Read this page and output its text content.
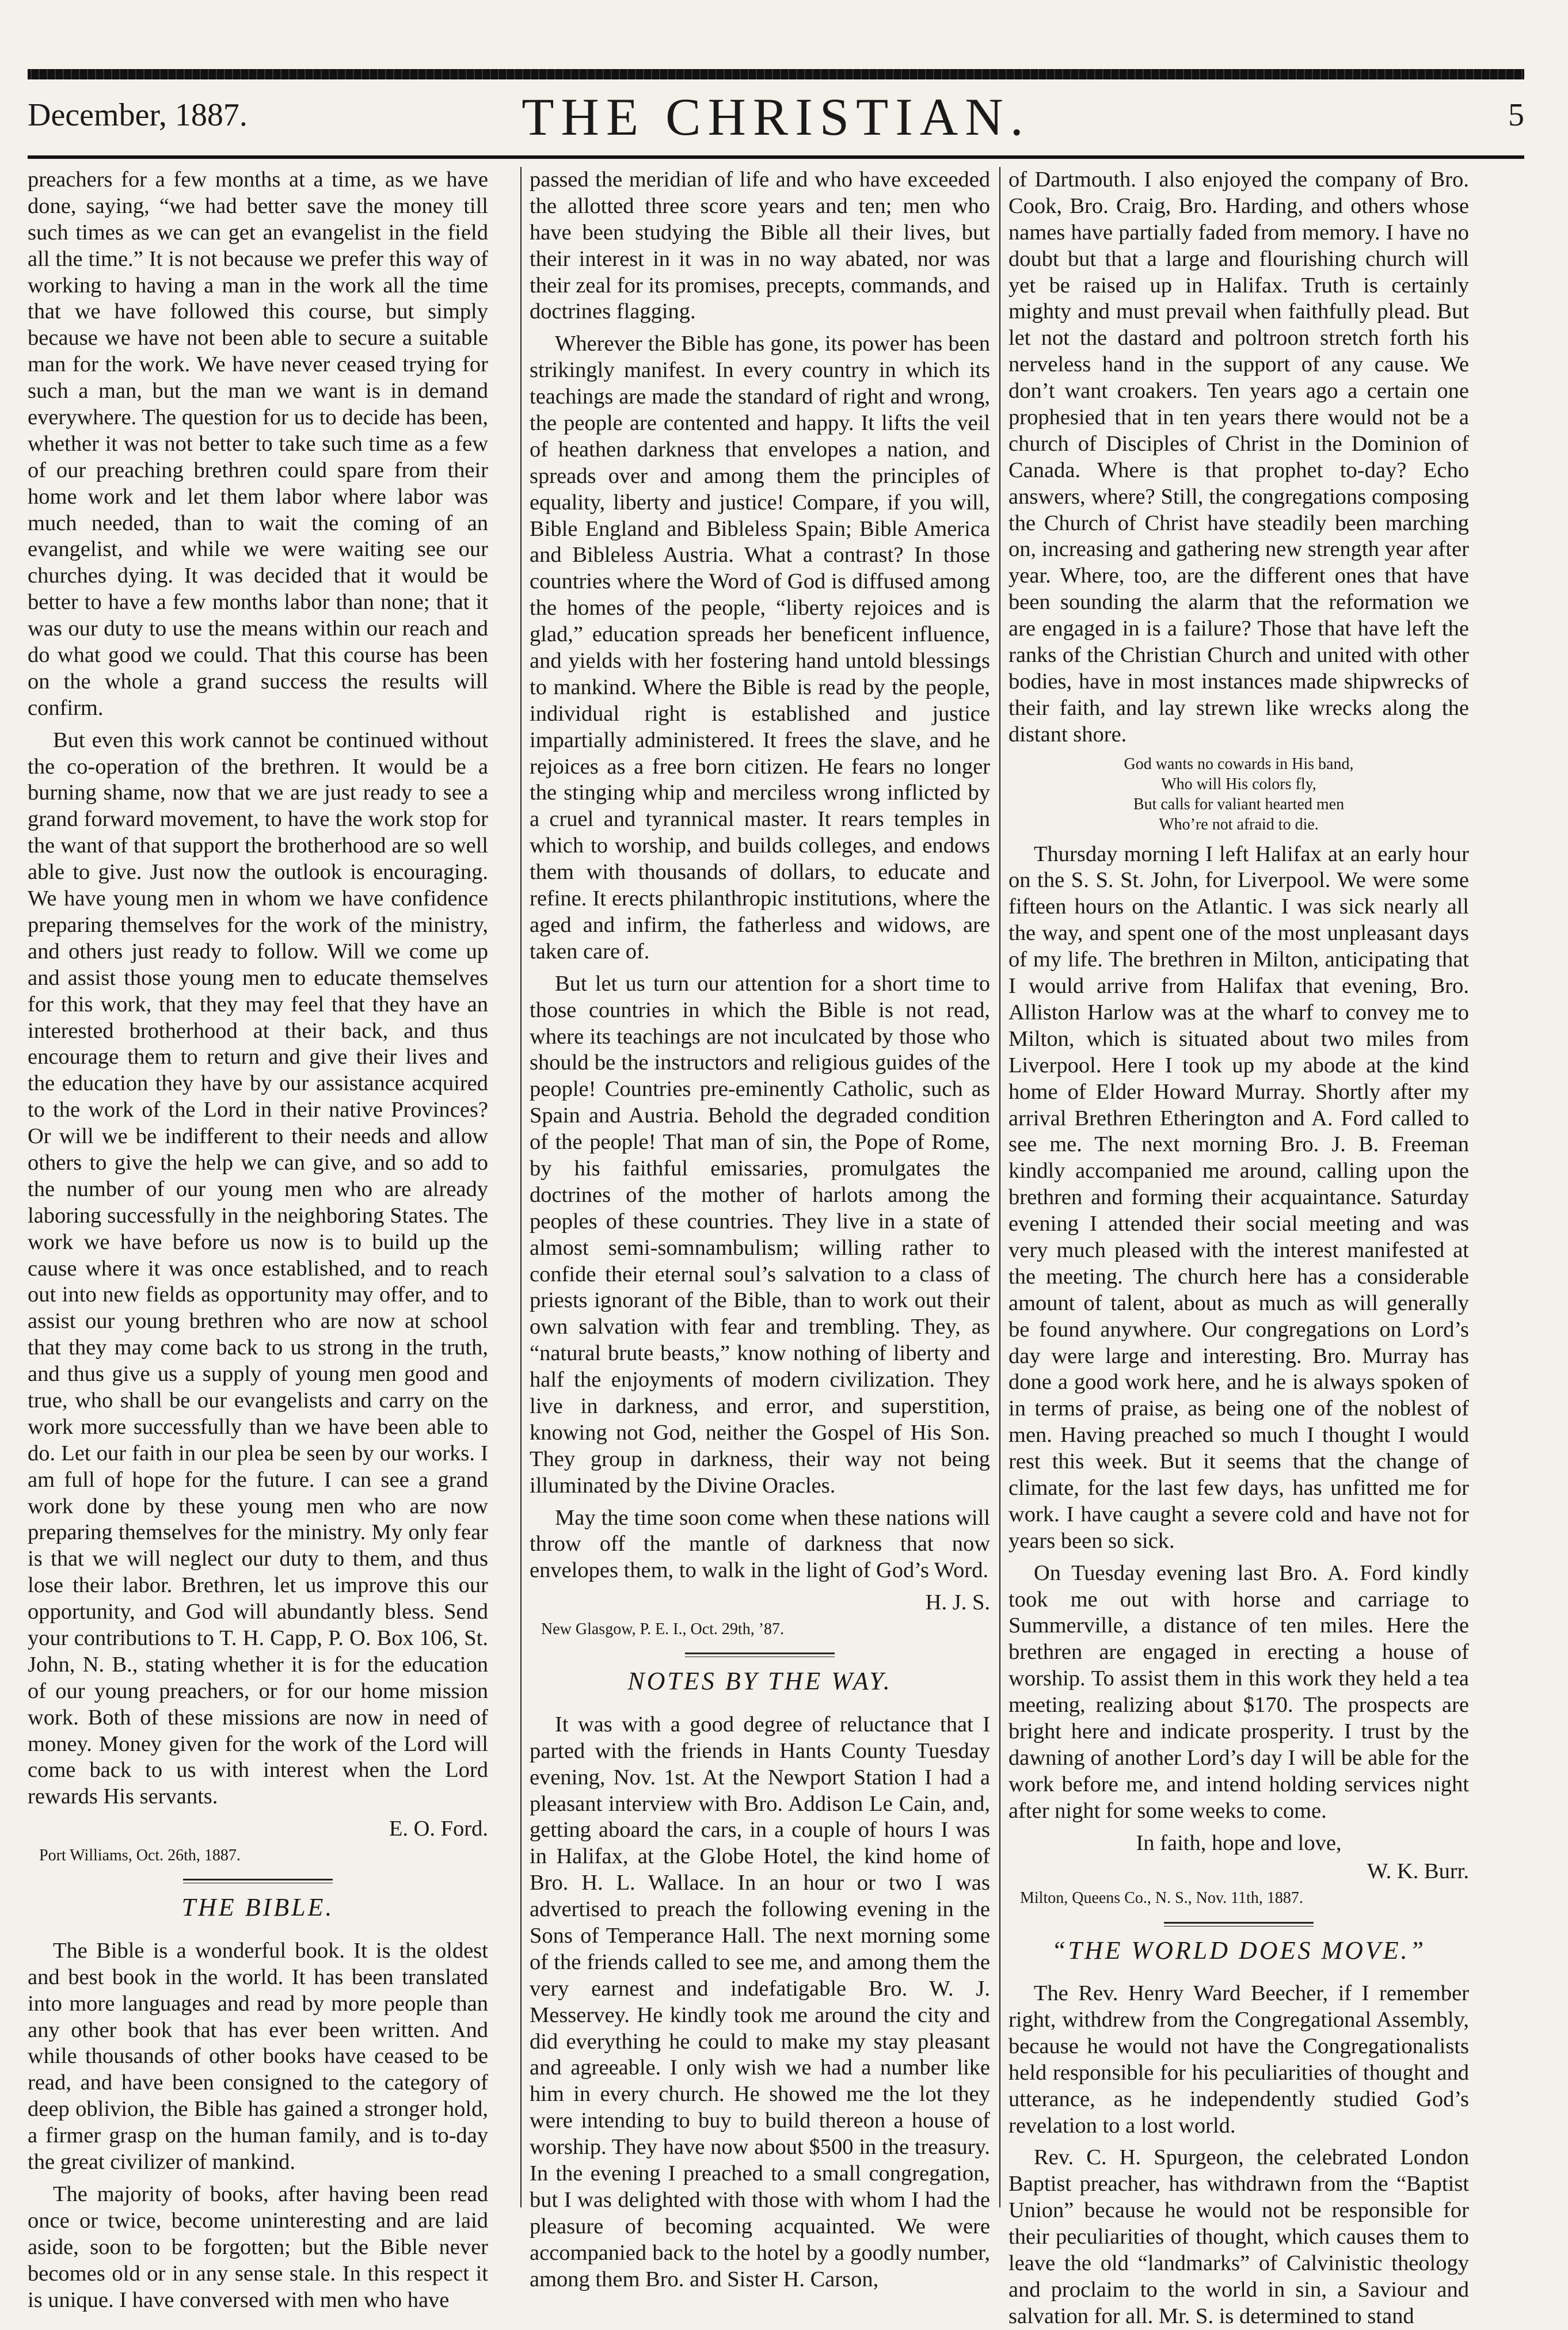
December, 1887.	THE CHRISTIAN.	5

preachers for a few months at a time, as we have done, saying, “we had better save the money till such times as we can get an evangelist in the field all the time.” It is not because we prefer this way of working to having a man in the work all the time that we have followed this course, but simply because we have not been able to secure a suitable man for the work. We have never ceased trying for such a man, but the man we want is in demand everywhere. The question for us to decide has been, whether it was not better to take such time as a few of our preaching brethren could spare from their home work and let them labor where labor was much needed, than to wait the coming of an evangelist, and while we were waiting see our churches dying. It was decided that it would be better to have a few months labor than none; that it was our duty to use the means within our reach and do what good we could. That this course has been on the whole a grand success the results will confirm.

But even this work cannot be continued without the co-operation of the brethren. It would be a burning shame, now that we are just ready to see a grand forward movement, to have the work stop for the want of that support the brotherhood are so well able to give. Just now the outlook is encouraging. We have young men in whom we have confidence preparing themselves for the work of the ministry, and others just ready to follow. Will we come up and assist those young men to educate themselves for this work, that they may feel that they have an interested brotherhood at their back, and thus encourage them to return and give their lives and the education they have by our assistance acquired to the work of the Lord in their native Provinces? Or will we be indifferent to their needs and allow others to give the help we can give, and so add to the number of our young men who are already laboring successfully in the neighboring States. The work we have before us now is to build up the cause where it was once established, and to reach out into new fields as opportunity may offer, and to assist our young brethren who are now at school that they may come back to us strong in the truth, and thus give us a supply of young men good and true, who shall be our evangelists and carry on the work more successfully than we have been able to do. Let our faith in our plea be seen by our works. I am full of hope for the future. I can see a grand work done by these young men who are now preparing themselves for the ministry. My only fear is that we will neglect our duty to them, and thus lose their labor. Brethren, let us improve this our opportunity, and God will abundantly bless. Send your contributions to T. H. Capp, P. O. Box 106, St. John, N. B., stating whether it is for the education of our young preachers, or for our home mission work. Both of these missions are now in need of money. Money given for the work of the Lord will come back to us with interest when the Lord rewards His servants.

E. O. Ford.
Port Williams, Oct. 26th, 1887.
THE BIBLE.

The Bible is a wonderful book. It is the oldest and best book in the world. It has been translated into more languages and read by more people than any other book that has ever been written. And while thousands of other books have ceased to be read, and have been consigned to the category of deep oblivion, the Bible has gained a stronger hold, a firmer grasp on the human family, and is to-day the great civilizer of mankind.

The majority of books, after having been read once or twice, become uninteresting and are laid aside, soon to be forgotten; but the Bible never becomes old or in any sense stale. In this respect it is unique. I have conversed with men who have

passed the meridian of life and who have exceeded the allotted three score years and ten; men who have been studying the Bible all their lives, but their interest in it was in no way abated, nor was their zeal for its promises, precepts, commands, and doctrines flagging.

Wherever the Bible has gone, its power has been strikingly manifest. In every country in which its teachings are made the standard of right and wrong, the people are contented and happy. It lifts the veil of heathen darkness that envelopes a nation, and spreads over and among them the principles of equality, liberty and justice! Compare, if you will, Bible England and Bibleless Spain; Bible America and Bibleless Austria. What a contrast? In those countries where the Word of God is diffused among the homes of the people, “liberty rejoices and is glad,” education spreads her beneficent influence, and yields with her fostering hand untold blessings to mankind. Where the Bible is read by the people, individual right is established and justice impartially administered. It frees the slave, and he rejoices as a free born citizen. He fears no longer the stinging whip and merciless wrong inflicted by a cruel and tyrannical master. It rears temples in which to worship, and builds colleges, and endows them with thousands of dollars, to educate and refine. It erects philanthropic institutions, where the aged and infirm, the fatherless and widows, are taken care of.

But let us turn our attention for a short time to those countries in which the Bible is not read, where its teachings are not inculcated by those who should be the instructors and religious guides of the people! Countries pre-eminently Catholic, such as Spain and Austria. Behold the degraded condition of the people! That man of sin, the Pope of Rome, by his faithful emissaries, promulgates the doctrines of the mother of harlots among the peoples of these countries. They live in a state of almost semi-somnambulism; willing rather to confide their eternal soul’s salvation to a class of priests ignorant of the Bible, than to work out their own salvation with fear and trembling. They, as “natural brute beasts,” know nothing of liberty and half the enjoyments of modern civilization. They live in darkness, and error, and superstition, knowing not God, neither the Gospel of His Son. They group in darkness, their way not being illuminated by the Divine Oracles.

May the time soon come when these nations will throw off the mantle of darkness that now envelopes them, to walk in the light of God’s Word.

H. J. S.
New Glasgow, P. E. I., Oct. 29th, ’87.
NOTES BY THE WAY.

It was with a good degree of reluctance that I parted with the friends in Hants County Tuesday evening, Nov. 1st. At the Newport Station I had a pleasant interview with Bro. Addison Le Cain, and, getting aboard the cars, in a couple of hours I was in Halifax, at the Globe Hotel, the kind home of Bro. H. L. Wallace. In an hour or two I was advertised to preach the following evening in the Sons of Temperance Hall. The next morning some of the friends called to see me, and among them the very earnest and indefatigable Bro. W. J. Messervey. He kindly took me around the city and did everything he could to make my stay pleasant and agreeable. I only wish we had a number like him in every church. He showed me the lot they were intending to buy to build thereon a house of worship. They have now about $500 in the treasury. In the evening I preached to a small congregation, but I was delighted with those with whom I had the pleasure of becoming acquainted. We were accompanied back to the hotel by a goodly number, among them Bro. and Sister H. Carson,

of Dartmouth. I also enjoyed the company of Bro. Cook, Bro. Craig, Bro. Harding, and others whose names have partially faded from memory. I have no doubt but that a large and flourishing church will yet be raised up in Halifax. Truth is certainly mighty and must prevail when faithfully plead. But let not the dastard and poltroon stretch forth his nerveless hand in the support of any cause. We don’t want croakers. Ten years ago a certain one prophesied that in ten years there would not be a church of Disciples of Christ in the Dominion of Canada. Where is that prophet to-day? Echo answers, where? Still, the congregations composing the Church of Christ have steadily been marching on, increasing and gathering new strength year after year. Where, too, are the different ones that have been sounding the alarm that the reformation we are engaged in is a failure? Those that have left the ranks of the Christian Church and united with other bodies, have in most instances made shipwrecks of their faith, and lay strewn like wrecks along the distant shore.

God wants no cowards in His band,
Who will His colors fly,
But calls for valiant hearted men
Who’re not afraid to die.

Thursday morning I left Halifax at an early hour on the S. S. St. John, for Liverpool. We were some fifteen hours on the Atlantic. I was sick nearly all the way, and spent one of the most unpleasant days of my life. The brethren in Milton, anticipating that I would arrive from Halifax that evening, Bro. Alliston Harlow was at the wharf to convey me to Milton, which is situated about two miles from Liverpool. Here I took up my abode at the kind home of Elder Howard Murray. Shortly after my arrival Brethren Etherington and A. Ford called to see me. The next morning Bro. J. B. Freeman kindly accompanied me around, calling upon the brethren and forming their acquaintance. Saturday evening I attended their social meeting and was very much pleased with the interest manifested at the meeting. The church here has a considerable amount of talent, about as much as will generally be found anywhere. Our congregations on Lord’s day were large and interesting. Bro. Murray has done a good work here, and he is always spoken of in terms of praise, as being one of the noblest of men. Having preached so much I thought I would rest this week. But it seems that the change of climate, for the last few days, has unfitted me for work. I have caught a severe cold and have not for years been so sick.

On Tuesday evening last Bro. A. Ford kindly took me out with horse and carriage to Summerville, a distance of ten miles. Here the brethren are engaged in erecting a house of worship. To assist them in this work they held a tea meeting, realizing about $170. The prospects are bright here and indicate prosperity. I trust by the dawning of another Lord’s day I will be able for the work before me, and intend holding services night after night for some weeks to come.

In faith, hope and love,
W. K. Burr.
Milton, Queens Co., N. S., Nov. 11th, 1887.
“THE WORLD DOES MOVE.”

The Rev. Henry Ward Beecher, if I remember right, withdrew from the Congregational Assembly, because he would not have the Congregationalists held responsible for his peculiarities of thought and utterance, as he independently studied God’s revelation to a lost world.

Rev. C. H. Spurgeon, the celebrated London Baptist preacher, has withdrawn from the “Baptist Union” because he would not be responsible for their peculiarities of thought, which causes them to leave the old “landmarks” of Calvinistic theology and proclaim to the world in sin, a Saviour and salvation for all. Mr. S. is determined to stand
